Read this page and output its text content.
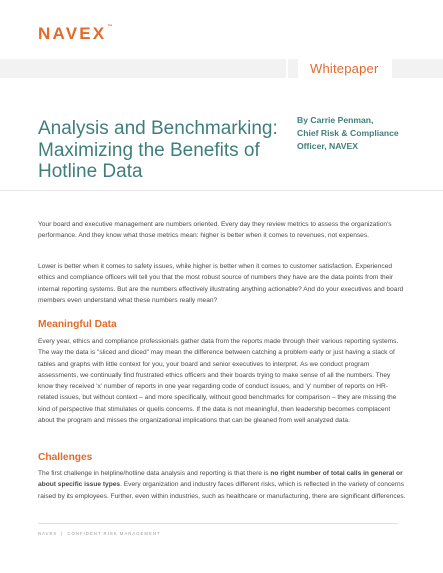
NAVEX™
Whitepaper
Analysis and Benchmarking: Maximizing the Benefits of Hotline Data
By Carrie Penman,
Chief Risk & Compliance
Officer, NAVEX

Your board and executive management are numbers oriented. Every day they review metrics to assess the organization's performance. And they know what those metrics mean: higher is better when it comes to revenues, not expenses.

Lower is better when it comes to safety issues, while higher is better when it comes to customer satisfaction. Experienced ethics and compliance officers will tell you that the most robust source of numbers they have are the data points from their internal reporting systems. But are the numbers effectively illustrating anything actionable? And do your executives and board members even understand what these numbers really mean?

Meaningful Data

Every year, ethics and compliance professionals gather data from the reports made through their various reporting systems. The way the data is "sliced and diced" may mean the difference between catching a problem early or just having a stack of tables and graphs with little context for you, your board and senior executives to interpret. As we conduct program assessments, we continually find frustrated ethics officers and their boards trying to make sense of all the numbers. They know they received 'x' number of reports in one year regarding code of conduct issues, and 'y' number of reports on HR-related issues, but without context – and more specifically, without good benchmarks for comparison – they are missing the kind of perspective that stimulates or quells concerns. If the data is not meaningful, then leadership becomes complacent about the program and misses the organizational implications that can be gleaned from well analyzed data.

Challenges

The first challenge in helpline/hotline data analysis and reporting is that there is no right number of total calls in general or about specific issue types. Every organization and industry faces different risks, which is reflected in the variety of concerns raised by its employees. Further, even within industries, such as healthcare or manufacturing, there are significant differences.

NAVEX | CONFIDENT RISK MANAGEMENT
